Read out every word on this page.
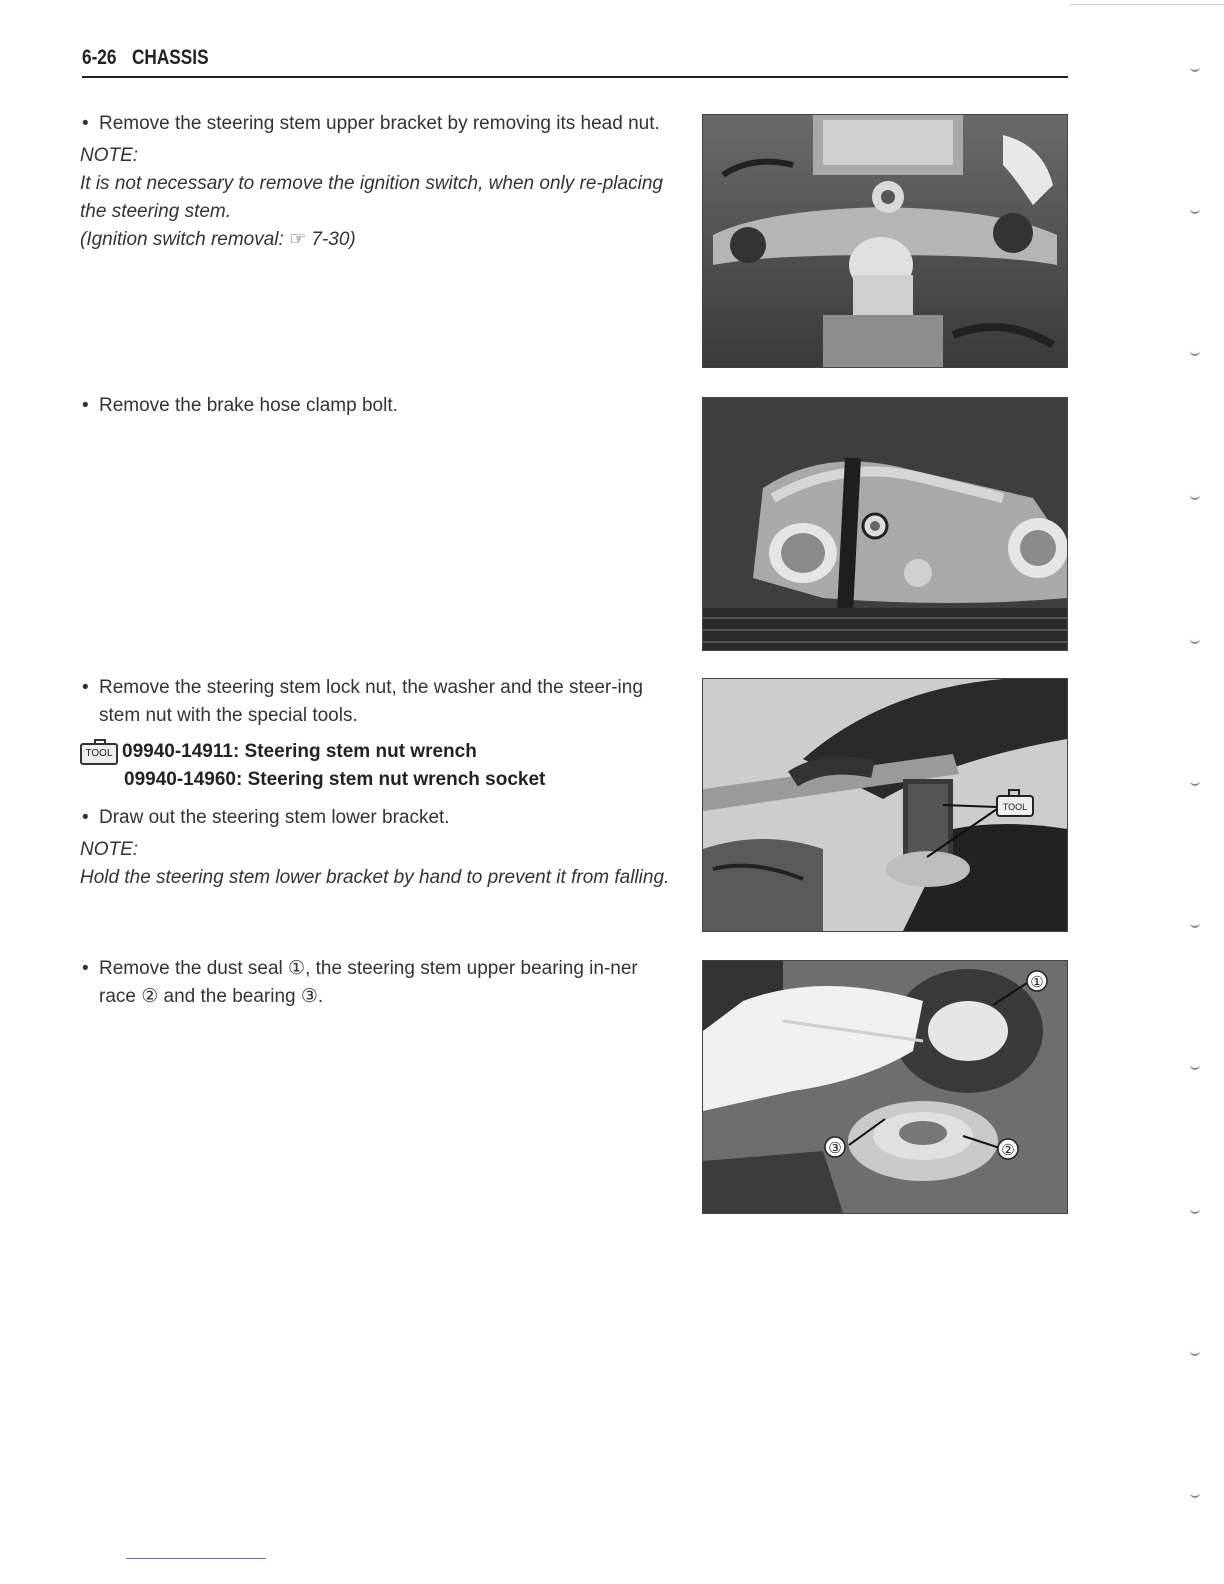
6-26 CHASSIS
• Remove the steering stem upper bracket by removing its head nut.
NOTE:
It is not necessary to remove the ignition switch, when only re-placing the steering stem.
(Ignition switch removal: ☞ 7-30)
• Remove the brake hose clamp bolt.
• Remove the steering stem lock nut, the washer and the steer-ing stem nut with the special tools.
TOOL 09940-14911: Steering stem nut wrench
09940-14960: Steering stem nut wrench socket
• Draw out the steering stem lower bracket.
NOTE:
Hold the steering stem lower bracket by hand to prevent it from falling.
• Remove the dust seal ①, the steering stem upper bearing in-ner race ② and the bearing ③.
TOOL
①
②
③
